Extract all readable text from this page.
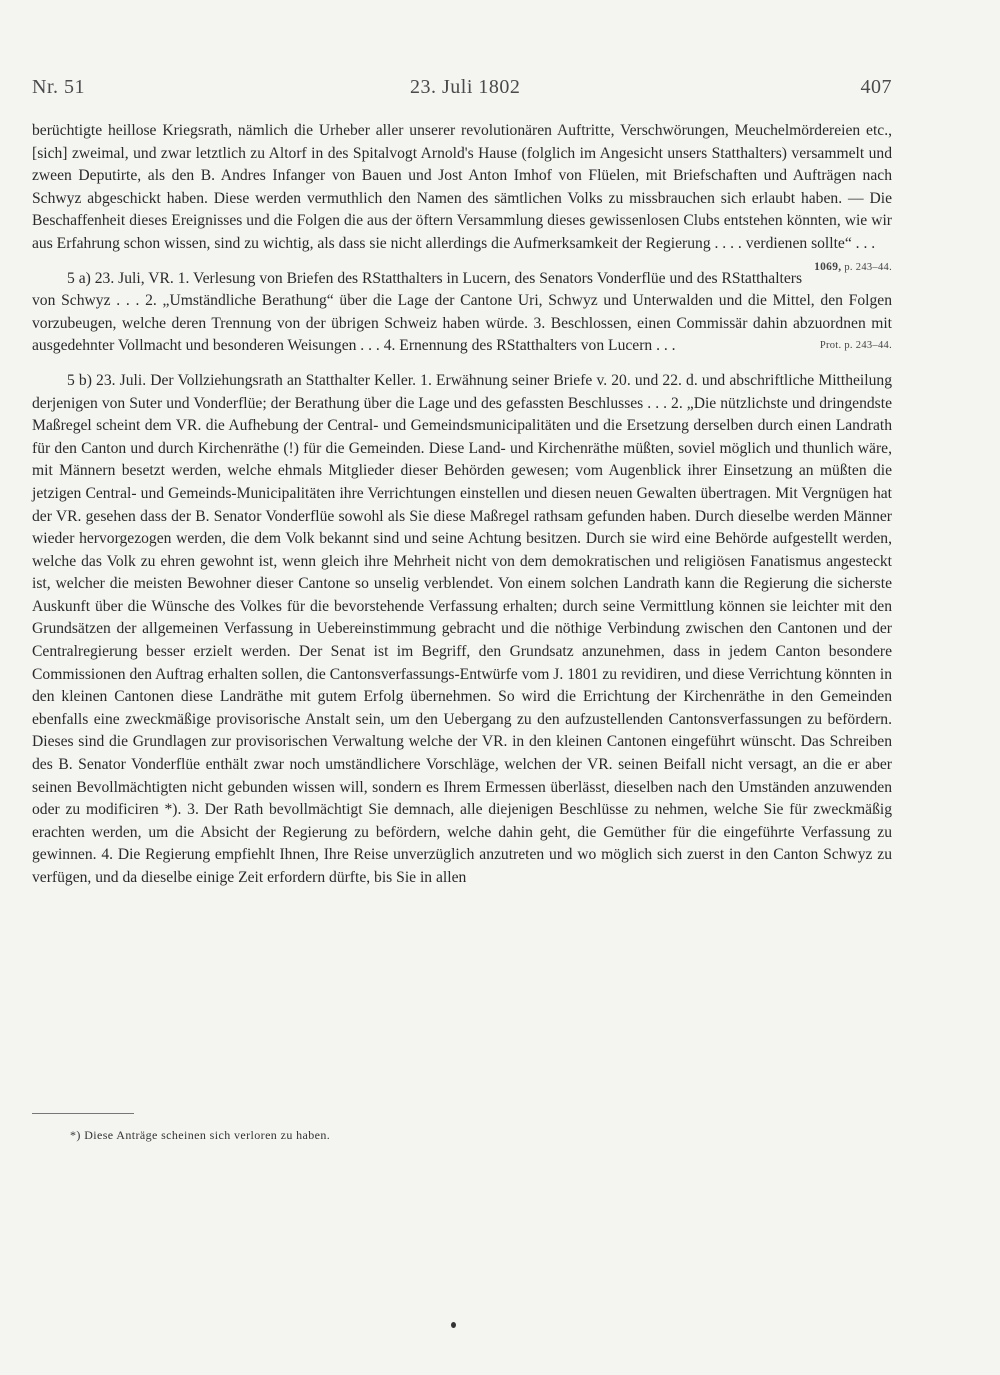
Nr. 51	23. Juli 1802	407

berüchtigte heillose Kriegsrath, nämlich die Urheber aller unserer revolutionären Auftritte, Verschwörungen, Meuchelmördereien etc., [sich] zweimal, und zwar letztlich zu Altorf in des Spitalvogt Arnold's Hause (folglich im Angesicht unsers Statthalters) versammelt und zween Deputirte, als den B. Andres Infanger von Bauen und Jost Anton Imhof von Flüelen, mit Briefschaften und Aufträgen nach Schwyz abgeschickt haben. Diese werden vermuthlich den Namen des sämtlichen Volks zu missbrauchen sich erlaubt haben. — Die Beschaffenheit dieses Ereignisses und die Folgen die aus der öftern Versammlung dieses gewissenlosen Clubs entstehen könnten, wie wir aus Erfahrung schon wissen, sind zu wichtig, als dass sie nicht allerdings die Aufmerksamkeit der Regierung . . . . verdienen sollte“ . . .
1069, p. 243–44.

5 a) 23. Juli, VR. 1. Verlesung von Briefen des RStatthalters in Lucern, des Senators Vonderflüe und des RStatthalters von Schwyz . . . 2. „Umständliche Berathung“ über die Lage der Cantone Uri, Schwyz und Unterwalden und die Mittel, den Folgen vorzubeugen, welche deren Trennung von der übrigen Schweiz haben würde. 3. Beschlossen, einen Commissär dahin abzuordnen mit ausgedehnter Vollmacht und besonderen Weisungen . . . 4. Ernennung des RStatthalters von Lucern . . .	Prot. p. 243–44.

5 b) 23. Juli. Der Vollziehungsrath an Statthalter Keller. 1. Erwähnung seiner Briefe v. 20. und 22. d. und abschriftliche Mittheilung derjenigen von Suter und Vonderflüe; der Berathung über die Lage und des gefassten Beschlusses . . . 2. „Die nützlichste und dringendste Maßregel scheint dem VR. die Aufhebung der Central- und Gemeindsmunicipalitäten und die Ersetzung derselben durch einen Landrath für den Canton und durch Kirchenräthe (!) für die Gemeinden. Diese Land- und Kirchenräthe müßten, soviel möglich und thunlich wäre, mit Männern besetzt werden, welche ehmals Mitglieder dieser Behörden gewesen; vom Augenblick ihrer Einsetzung an müßten die jetzigen Central- und Gemeinds-Municipalitäten ihre Verrichtungen einstellen und diesen neuen Gewalten übertragen. Mit Vergnügen hat der VR. gesehen dass der B. Senator Vonderflüe sowohl als Sie diese Maßregel rathsam gefunden haben. Durch dieselbe werden Männer wieder hervorgezogen werden, die dem Volk bekannt sind und seine Achtung besitzen. Durch sie wird eine Behörde aufgestellt werden, welche das Volk zu ehren gewohnt ist, wenn gleich ihre Mehrheit nicht von dem demokratischen und religiösen Fanatismus angesteckt ist, welcher die meisten Bewohner dieser Cantone so unselig verblendet. Von einem solchen Landrath kann die Regierung die sicherste Auskunft über die Wünsche des Volkes für die bevorstehende Verfassung erhalten; durch seine Vermittlung können sie leichter mit den Grundsätzen der allgemeinen Verfassung in Uebereinstimmung gebracht und die nöthige Verbindung zwischen den Cantonen und der Centralregierung besser erzielt werden. Der Senat ist im Begriff, den Grundsatz anzunehmen, dass in jedem Canton besondere Commissionen den Auftrag erhalten sollen, die Cantonsverfassungs-Entwürfe vom J. 1801 zu revidiren, und diese Verrichtung könnten in den kleinen Cantonen diese Landräthe mit gutem Erfolg übernehmen. So wird die Errichtung der Kirchenräthe in den Gemeinden ebenfalls eine zweckmäßige provisorische Anstalt sein, um den Uebergang zu den aufzustellenden Cantonsverfassungen zu befördern. Dieses sind die Grundlagen zur provisorischen Verwaltung welche der VR. in den kleinen Cantonen eingeführt wünscht. Das Schreiben des B. Senator Vonderflüe enthält zwar noch umständlichere Vorschläge, welchen der VR. seinen Beifall nicht versagt, an die er aber seinen Bevollmächtigten nicht gebunden wissen will, sondern es Ihrem Ermessen überlässt, dieselben nach den Umständen anzuwenden oder zu modificiren *). 3. Der Rath bevollmächtigt Sie demnach, alle diejenigen Beschlüsse zu nehmen, welche Sie für zweckmäßig erachten werden, um die Absicht der Regierung zu befördern, welche dahin geht, die Gemüther für die eingeführte Verfassung zu gewinnen. 4. Die Regierung empfiehlt Ihnen, Ihre Reise unverzüglich anzutreten und wo möglich sich zuerst in den Canton Schwyz zu verfügen, und da dieselbe einige Zeit erfordern dürfte, bis Sie in allen

*) Diese Anträge scheinen sich verloren zu haben.
